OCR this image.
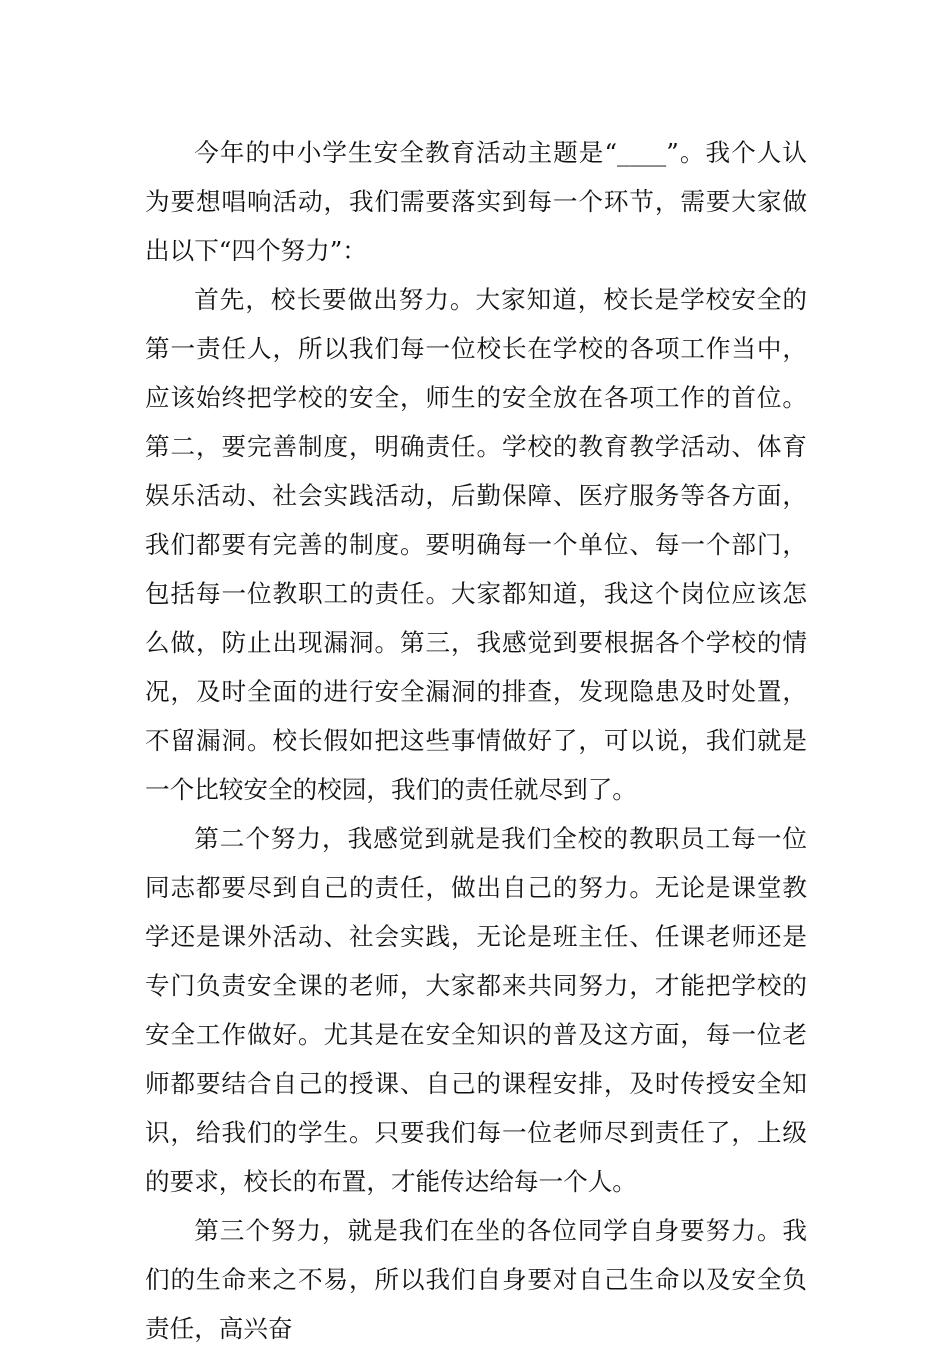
今年的中小学生安全教育活动主题是“____”。我个人认为要想唱响活动，我们需要落实到每一个环节，需要大家做出以下“四个努力”：

首先，校长要做出努力。大家知道，校长是学校安全的第一责任人，所以我们每一位校长在学校的各项工作当中，应该始终把学校的安全，师生的安全放在各项工作的首位。第二，要完善制度，明确责任。学校的教育教学活动、体育娱乐活动、社会实践活动，后勤保障、医疗服务等各方面，我们都要有完善的制度。要明确每一个单位、每一个部门，包括每一位教职工的责任。大家都知道，我这个岗位应该怎么做，防止出现漏洞。第三，我感觉到要根据各个学校的情况，及时全面的进行安全漏洞的排查，发现隐患及时处置，不留漏洞。校长假如把这些事情做好了，可以说，我们就是一个比较安全的校园，我们的责任就尽到了。

第二个努力，我感觉到就是我们全校的教职员工每一位同志都要尽到自己的责任，做出自己的努力。无论是课堂教学还是课外活动、社会实践，无论是班主任、任课老师还是专门负责安全课的老师，大家都来共同努力，才能把学校的安全工作做好。尤其是在安全知识的普及这方面，每一位老师都要结合自己的授课、自己的课程安排，及时传授安全知识，给我们的学生。只要我们每一位老师尽到责任了，上级的要求，校长的布置，才能传达给每一个人。

第三个努力，就是我们在坐的各位同学自身要努力。我们的生命来之不易，所以我们自身要对自己生命以及安全负责任，高兴奋
